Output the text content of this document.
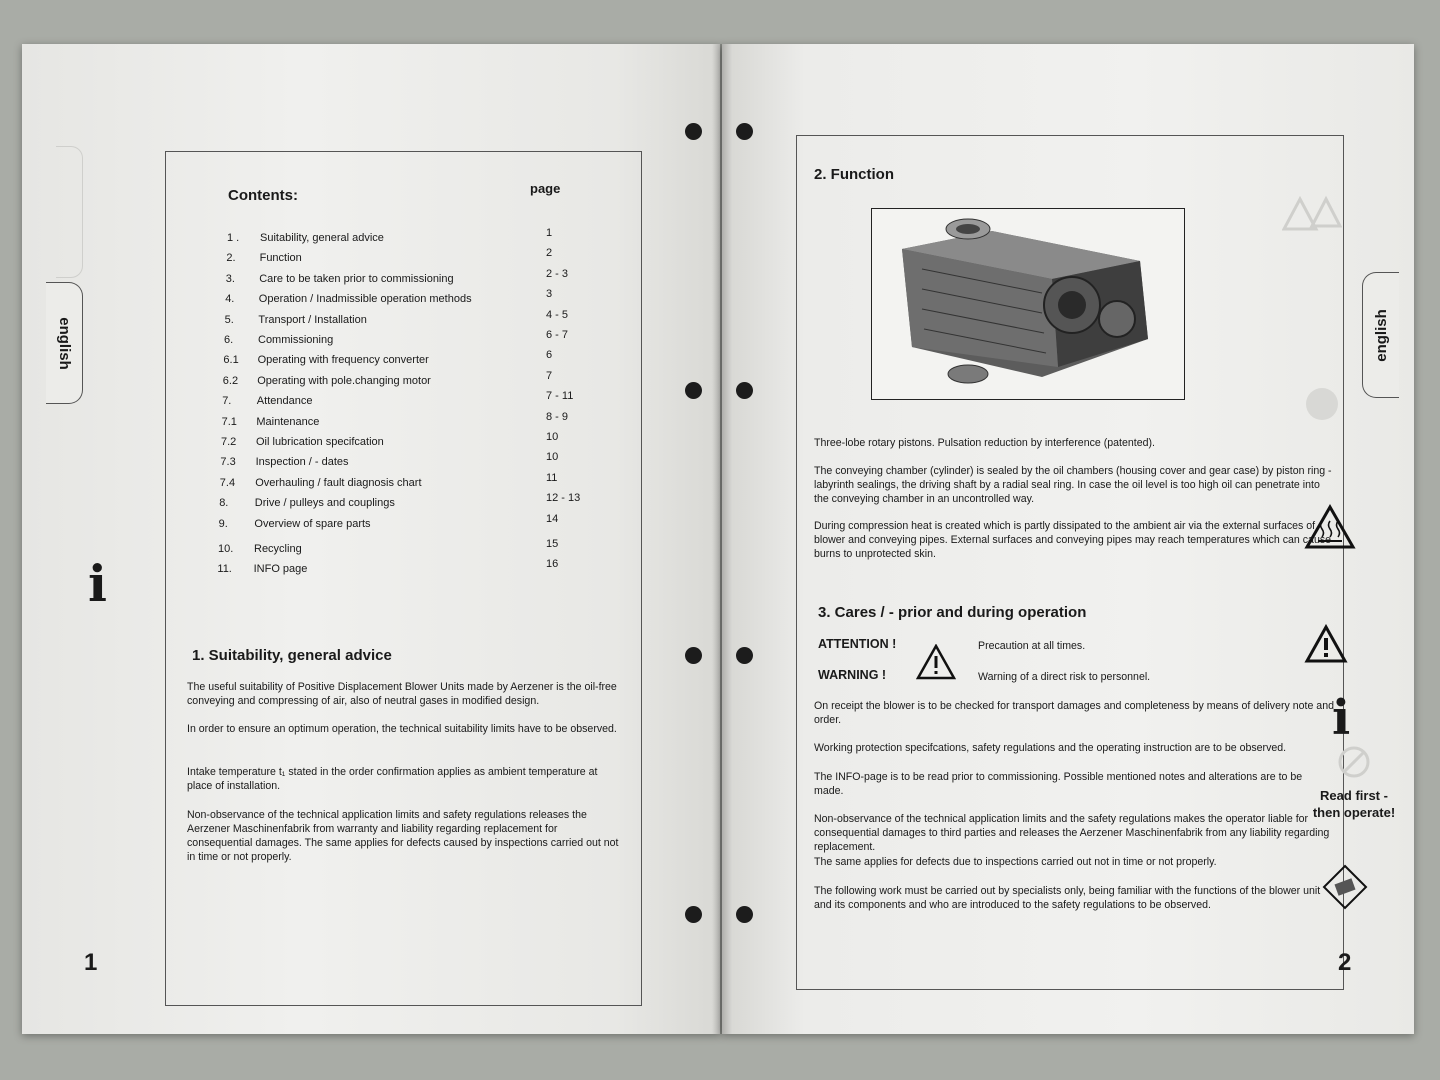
english
Contents:	page
1 . Suitability, general advice	1
2. Function	2
3. Care to be taken prior to commissioning	2 - 3
4. Operation / Inadmissible operation methods	3
5. Transport / Installation	4 - 5
6. Commissioning	6 - 7
6.1 Operating with frequency converter	6
6.2 Operating with pole.changing motor	7
7. Attendance	7 - 11
7.1 Maintenance	8 - 9
7.2 Oil lubrication specifcation	10
7.3 Inspection / - dates	10
7.4 Overhauling / fault diagnosis chart	11
8. Drive / pulleys and couplings	12 - 13
9. Overview of spare parts	14
10. Recycling	15
11. INFO page	16
1. Suitability, general advice
The useful suitability of Positive Displacement Blower Units made by Aerzener is the oil-free conveying and compressing of air, also of neutral gases in modified design.
In order to ensure an optimum operation, the technical suitability limits have to be observed.
Intake temperature t₁ stated in the order confirmation applies as ambient temperature at place of installation.
Non-observance of the technical application limits and safety regulations releases the Aerzener Maschinenfabrik from warranty and liability regarding replacement for consequential damages. The same applies for defects caused by inspections carried out not in time or not properly.
i
1
english
2. Function
Three-lobe rotary pistons. Pulsation reduction by interference (patented).
The conveying chamber (cylinder) is sealed by the oil chambers (housing cover and gear case) by piston ring - labyrinth sealings, the driving shaft by a radial seal ring. In case the oil level is too high oil can penetrate into the conveying chamber in an uncontrolled way.
During compression heat is created which is partly dissipated to the ambient air via the external surfaces of blower and conveying pipes. External surfaces and conveying pipes may reach temperatures which can cause burns to unprotected skin.
3. Cares / - prior and during operation
ATTENTION !	Precaution at all times.
WARNING !	Warning of a direct risk to personnel.
On receipt the blower is to be checked for transport damages and completeness by means of delivery note and order.
Working protection specifcations, safety regulations and the operating instruction are to be observed.
The INFO-page is to be read prior to commissioning. Possible mentioned notes and alterations are to be made.
Non-observance of the technical application limits and the safety regulations makes the operator liable for consequential damages to third parties and releases the Aerzener Maschinenfabrik from any liability regarding replacement.
The same applies for defects due to inspections carried out not in time or not properly.
The following work must be carried out by specialists only, being familiar with the functions of the blower unit and its components and who are introduced to the safety regulations to be observed.
i
Read first - then operate!
2
